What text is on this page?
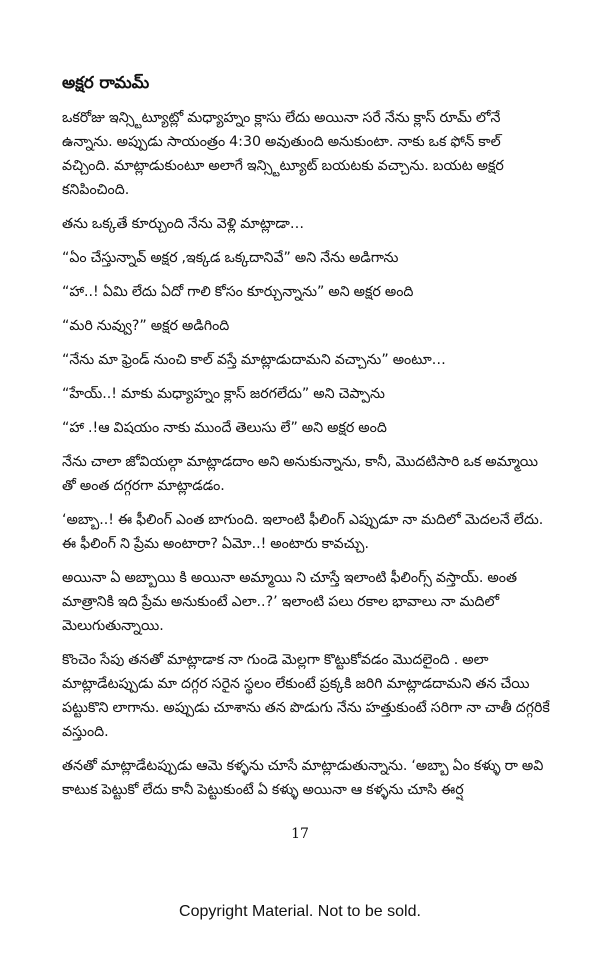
అక్షర రామమ్

ఒకరోజు ఇన్స్టిట్యూట్లో మధ్యాహ్నం క్లాసు లేదు అయినా సరే నేను క్లాస్ రూమ్ లోనే ఉన్నాను. అప్పుడు సాయంత్రం 4:30 అవుతుంది అనుకుంటా. నాకు ఒక ఫోన్ కాల్ వచ్చింది. మాట్లాడుకుంటూ అలాగే ఇన్స్టిట్యూట్ బయటకు వచ్చాను. బయట అక్షర కనిపించింది.

తను ఒక్కతే కూర్చుంది నేను వెళ్లి మాట్లాడా…

“ఏం చేస్తున్నావ్ అక్షర ,ఇక్కడ ఒక్కదానివే” అని నేను అడిగాను

“హా..! ఏమి లేదు ఏదో గాలి కోసం కూర్చున్నాను” అని అక్షర అంది

“మరి నువ్వు?” అక్షర అడిగింది

“నేను మా ఫ్రెండ్ నుంచి కాల్ వస్తే మాట్లాడుదామని వచ్చాను” అంటూ…

“హేయ్..! మాకు మధ్యాహ్నం క్లాస్ జరగలేదు” అని చెప్పాను

“హా .!ఆ విషయం నాకు ముందే తెలుసు లే” అని అక్షర అంది

నేను చాలా జోవియల్గా మాట్లాడదాం అని అనుకున్నాను, కానీ, మొదటిసారి ఒక అమ్మాయి తో అంత దగ్గరగా మాట్లాడడం.

‘అబ్బా..! ఈ ఫీలింగ్ ఎంత బాగుంది. ఇలాంటి ఫీలింగ్ ఎప్పుడూ నా మదిలో మెదలనే లేదు. ఈ ఫీలింగ్ ని ప్రేమ అంటారా? ఏమో..! అంటారు కావచ్చు.

అయినా ఏ అబ్బాయి కి అయినా అమ్మాయి ని చూస్తే ఇలాంటి ఫీలింగ్స్ వస్తాయ్. అంత మాత్రానికి ఇది ప్రేమ అనుకుంటే ఎలా..?’ ఇలాంటి పలు రకాల భావాలు నా మదిలో మెలుగుతున్నాయి.

కొంచెం సేపు తనతో మాట్లాడాక నా గుండె మెల్లగా కొట్టుకోవడం మొదలైంది . అలా మాట్లాడేటప్పుడు మా దగ్గర సరైన స్థలం లేకుంటే ప్రక్కకి జరిగి మాట్లాడదామని తన చేయి పట్టుకొని లాగాను. అప్పుడు చూశాను తన పొడుగు నేను హత్తుకుంటే సరిగా నా చాతీ దగ్గరికే వస్తుంది.

తనతో మాట్లాడేటప్పుడు ఆమె కళ్ళను చూసే మాట్లాడుతున్నాను. ‘అబ్బా ఏం కళ్ళు రా అవి కాటుక పెట్టుకో లేదు కానీ పెట్టుకుంటే ఏ కళ్ళు అయినా ఆ కళ్ళను చూసి ఈర్ష

17
Copyright Material. Not to be sold.
